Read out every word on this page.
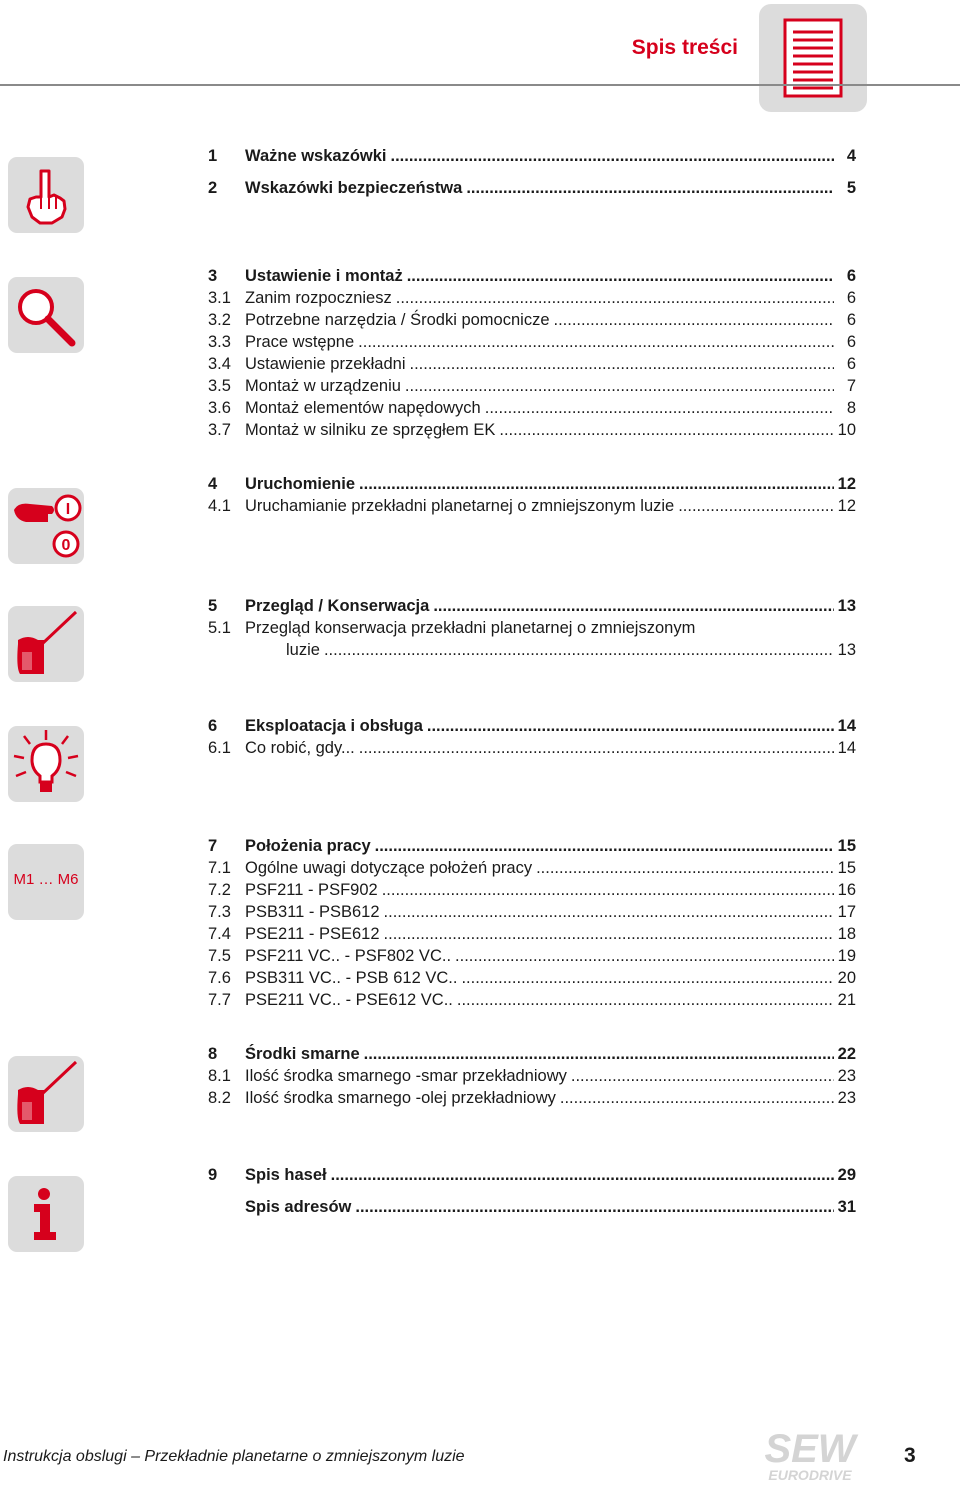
Spis treści
I
0
M1 … M6
i
1	Ważne wskazówki .....	4
2	Wskazówki bezpieczeństwa .....	5
3	Ustawienie i montaż .....	6
3.1 Zanim rozpoczniesz .....	6
3.2 Potrzebne narzędzia / Środki pomocnicze .....	6
3.3 Prace wstępne .....	6
3.4 Ustawienie przekładni .....	6
3.5 Montaż w urządzeniu .....	7
3.6 Montaż elementów napędowych .....	8
3.7 Montaż w silniku ze sprzęgłem EK .....	10
4	Uruchomienie .....	12
4.1 Uruchamianie przekładni planetarnej o zmniejszonym luzie .....	12
5	Przegląd / Konserwacja .....	13
5.1 Przegląd konserwacja przekładni planetarnej o zmniejszonym
luzie .....	13
6	Eksploatacja i obsługa .....	14
6.1 Co robić, gdy... .....	14
7	Położenia pracy .....	15
7.1 Ogólne uwagi dotyczące położeń pracy .....	15
7.2 PSF211 - PSF902 .....	16
7.3 PSB311 - PSB612 .....	17
7.4 PSE211 - PSE612 .....	18
7.5 PSF211 VC.. - PSF802 VC.. .....	19
7.6 PSB311 VC.. - PSB 612 VC.. .....	20
7.7 PSE211 VC.. - PSE612 VC.. .....	21
8	Środki smarne .....	22
8.1 Ilość środka smarnego -smar przekładniowy .....	23
8.2 Ilość środka smarnego -olej przekładniowy .....	23
9	Spis haseł .....	29
Spis adresów .....	31
Instrukcja obslugi – Przekładnie planetarne o zmniejszonym luzie	SEW
EURODRIVE
3
